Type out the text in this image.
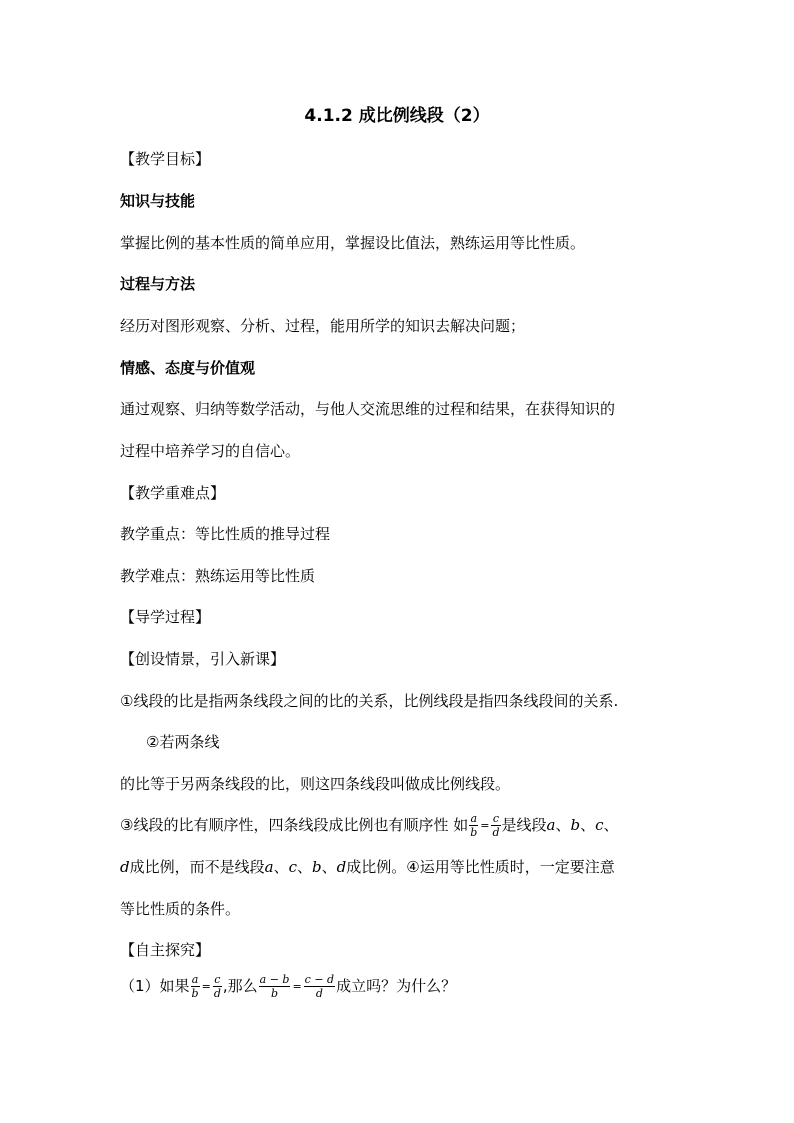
4.1.2 成比例线段（2）
【教学目标】
知识与技能
掌握比例的基本性质的简单应用，掌握设比值法，熟练运用等比性质。
过程与方法
经历对图形观察、分析、过程，能用所学的知识去解决问题；
情感、态度与价值观
通过观察、归纳等数学活动，与他人交流思维的过程和结果，在获得知识的
过程中培养学习的自信心。
【教学重难点】
教学重点：等比性质的推导过程
教学难点：熟练运用等比性质
【导学过程】
【创设情景，引入新课】
①线段的比是指两条线段之间的比的关系，比例线段是指四条线段间的关系.
②若两条线
的比等于另两条线段的比，则这四条线段叫做成比例线段。
③线段的比有顺序性，四条线段成比例也有顺序性 如 $\frac{a}{b} = \frac{c}{d}$ 是线段a、b、c、
d成比例，而不是线段a、c、b、d成比例。④运用等比性质时，一定要注意
等比性质的条件。
【自主探究】
（1）如果 $\frac{a}{b} = \frac{c}{d}$ ,那么 $\frac{a - b}{b} = \frac{c - d}{d}$ 成立吗？为什么？
